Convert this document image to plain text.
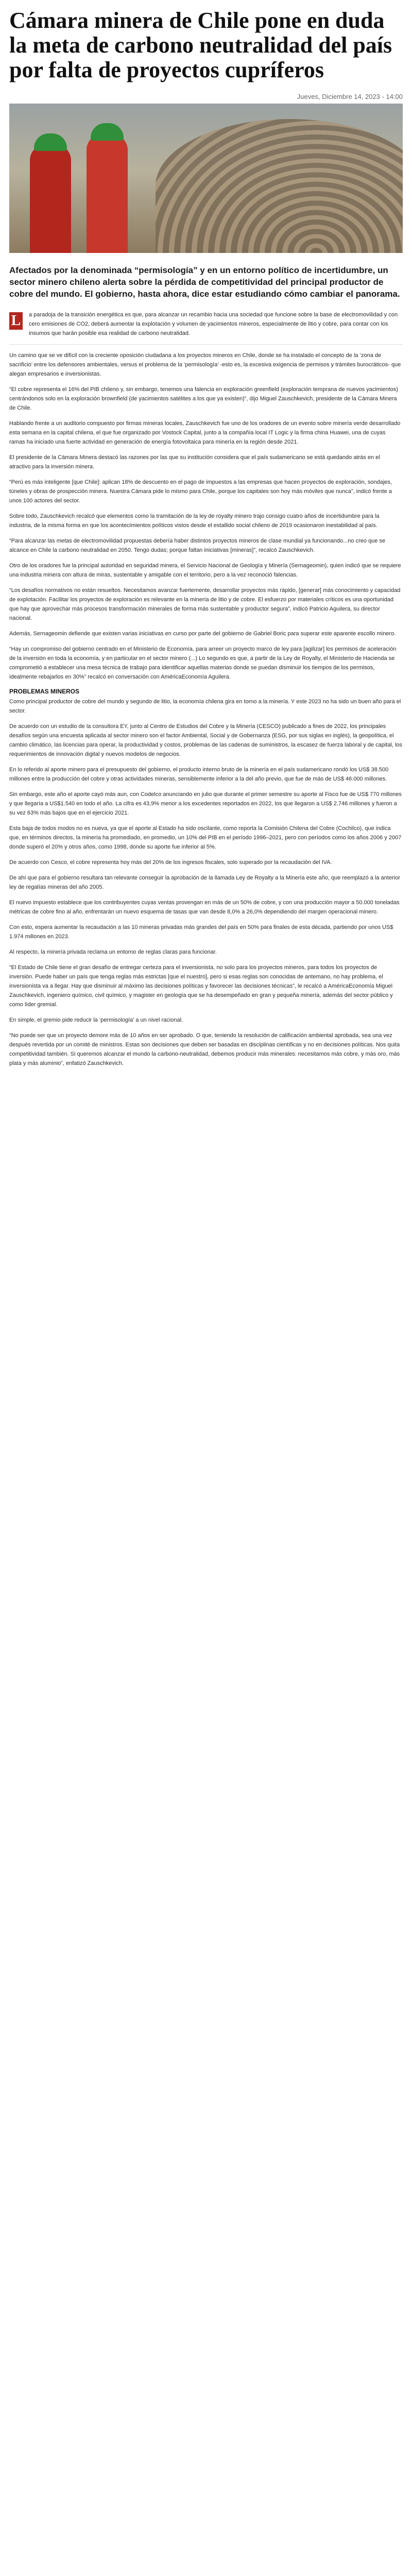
Cámara minera de Chile pone en duda la meta de carbono neutralidad del país por falta de proyectos cupríferos
Jueves, Diciembre 14, 2023 - 14:00
Afectados por la denominada “permisología” y en un entorno político de incertidumbre, un sector minero chileno alerta sobre la pérdida de competitividad del principal productor de cobre del mundo. El gobierno, hasta ahora, dice estar estudiando cómo cambiar el panorama.
L	a paradoja de la transición energética es que, para alcanzar un recambio hacia una sociedad que funcione sobre la base de electromovilidad y con cero emisiones de CO2, deberá aumentar la explotación y volumen de yacimientos mineros, especialmente de litio y cobre, para contar con los insumos que harán posible esa realidad de carbono neutralidad.

Un camino que se ve difícil con la creciente oposición ciudadana a los proyectos mineros en Chile, donde se ha instalado el concepto de la ‘zona de sacrificio’ entre los defensores ambientales, versus el problema de la ‘permisología’ -esto es, la excesiva exigencia de permisos y trámites burocráticos- que alegan empresarios e inversionistas.

“El cobre representa el 16% del PIB chileno y, sin embargo, tenemos una falencia en exploración greenfield (exploración temprana de nuevos yacimientos) centrándonos solo en la exploración brownfield (de yacimientos satélites a los que ya existen)”, dijo Miguel Zauschkevich, presidente de la Cámara Minera de Chile.

Hablando frente a un auditorio compuesto por firmas mineras locales, Zauschkevich fue uno de los oradores de un evento sobre minería verde desarrollado esta semana en la capital chilena, el que fue organizado por Vostock Capital, junto a la compañía local IT Logic y la firma china Huawei, una de cuyas ramas ha iniciado una fuerte actividad en generación de energía fotovoltaica para minería en la región desde 2021.

El presidente de la Cámara Minera destacó las razones por las que su institución considera que el país sudamericano se está quedando atrás en el atractivo para la inversión minera.

“Perú es más inteligente [que Chile]: aplican 18% de descuento en el pago de impuestos a las empresas que hacen proyectos de exploración, sondajes, túneles y obras de prospección minera. Nuestra Cámara pide lo mismo para Chile, porque los capitales son hoy más móviles que nunca”, indicó frente a unos 100 actores del sector.

Sobre todo, Zauschkevich recalcó que elementos como la tramitación de la ley de royalty minero trajo consigo cuatro años de incertidumbre para la industria, de la misma forma en que los acontecimientos políticos vistos desde el estallido social chileno de 2019 ocasionaron inestabilidad al país.

“Para alcanzar las metas de electromovilidad propuestas debería haber distintos proyectos mineros de clase mundial ya funcionando...no creo que se alcance en Chile la carbono neutralidad en 2050. Tengo dudas; porque faltan iniciativas [mineras]”, recalcó Zauschkevich.

Otro de los oradores fue la principal autoridad en seguridad minera, el Servicio Nacional de Geología y Minería (Sernageomin), quien indicó que se requiere una industria minera con altura de miras, sustentable y amigable con el territorio, pero a la vez reconoció falencias.

“Los desafíos normativos no están resueltos. Necesitamos avanzar fuertemente, desarrollar proyectos más rápido, [generar] más conocimiento y capacidad de explotación. Facilitar los proyectos de exploración es relevante en la minería de litio y de cobre. El esfuerzo por materiales críticos es una oportunidad que hay que aprovechar más procesos transformación minerales de forma más sustentable y productor segura”, indicó Patricio Aguilera, su director nacional.

Además, Sernageomin defiende que existen varias iniciativas en curso por parte del gobierno de Gabriel Boric para superar este aparente escollo minero.

“Hay un compromiso del gobierno centrado en el Ministerio de Economía, para arreer un proyecto marco de ley para [agilizar] los permisos de aceleración de la inversión en toda la economía, y en particular en el sector minero (...) Lo segundo es que, a partir de la Ley de Royalty, el Ministerio de Hacienda se comprometió a establecer una mesa técnica de trabajo para identificar aquellas materias donde se puedan disminuir los tiempos de los permisos, idealmente rebajarlos en 30%” recalcó en conversación con AméricaEconomía Aguilera.

PROBLEMAS MINEROS

Como principal productor de cobre del mundo y segundo de litio, la economía chilena gira en torno a la minería. Y este 2023 no ha sido un buen año para el sector.

De acuerdo con un estudio de la consultora EY, junto al Centro de Estudios del Cobre y la Minería (CESCO) publicado a fines de 2022, los principales desafíos según una encuesta aplicada al sector minero son el factor Ambiental, Social y de Gobernanza (ESG, por sus siglas en inglés), la geopolítica, el cambio climático, las licencias para operar, la productividad y costos, problemas de las cadenas de suministros, la escasez de fuerza laboral y de capital, los requerimientos de innovación digital y nuevos modelos de negocios.

En lo referido al aporte minero para el presupuesto del gobierno, el producto interno bruto de la minería en el país sudamericano rondó los US$ 38.500 millones entre la producción del cobre y otras actividades mineras, sensiblemente inferior a la del año previo, que fue de más de US$ 46.000 millones.

Sin embargo, este año el aporte cayó más aun, con Codelco anunciando en julio que durante el primer semestre su aporte al Fisco fue de US$ 770 millones y que llegaría a US$1.540 en todo el año. La cifra es 43,9% menor a los excedentes reportados en 2022, los que llegaron a US$ 2.746 millones y fueron a su vez 63% más bajos que en el ejercicio 2021.

Esta baja de todos modos no es nueva, ya que el aporte al Estado ha sido oscilante, como reporta la Comisión Chilena del Cobre (Cochilco), que indica que, en términos directos, la minería ha promediado, en promedio, un 10% del PIB en el período 1996–2021, pero con períodos como los años 2006 y 2007 donde superó el 20% y otros años, como 1998, donde su aporte fue inferior al 5%.

De acuerdo con Cesco, el cobre representa hoy más del 20% de los ingresos fiscales, solo superado por la recaudación del IVA.

De ahí que para el gobierno resultara tan relevante conseguir la aprobación de la llamada Ley de Royalty a la Minería este año, que reemplazó a la anterior ley de regalías mineras del año 2005.

El nuevo impuesto establece que los contribuyentes cuyas ventas provengan en más de un 50% de cobre, y con una producción mayor a 50.000 toneladas métricas de cobre fino al año, enfrentarán un nuevo esquema de tasas que van desde 8,0% a 26,0% dependiendo del margen operacional minero.

Con esto, espera aumentar la recaudación a las 10 mineras privadas más grandes del país en 50% para finales de esta década, partiendo por unos US$ 1.974 millones en 2023.

Al respecto, la minería privada reclama un entorno de reglas claras para funcionar.

“El Estado de Chile tiene el gran desafío de entregar certeza para el inversionista, no solo para los proyectos mineros, para todos los proyectos de inversión. Puede haber un país que tenga reglas más estrictas [que el nuestro], pero si esas reglas son conocidas de antemano, no hay problema, el inversionista va a llegar. Hay que disminuir al máximo las decisiones políticas y favorecer las decisiones técnicas”, le recalcó a AméricaEconomía Miguel Zauschkevich, ingeniero químico, civil químico, y magister en geología que se ha desempeñado en gran y pequeña minería, además del sector público y como líder gremial.

En simple, el gremio pide reducir la ‘permisología’ a un nivel racional.

“No puede ser que un proyecto demore más de 10 años en ser aprobado. O que, teniendo la resolución de calificación ambiental aprobada, sea una vez después revertida por un comité de ministros. Estas son decisiones que deben ser basadas en disciplinas científicas y no en decisiones políticas. Nos quita competitividad también. Si queremos alcanzar el mundo la carbono-neutralidad, debemos producir más minerales: necesitamos más cobre, y más oro, más plata y más aluminio”, enfatizó Zauschkevich.
